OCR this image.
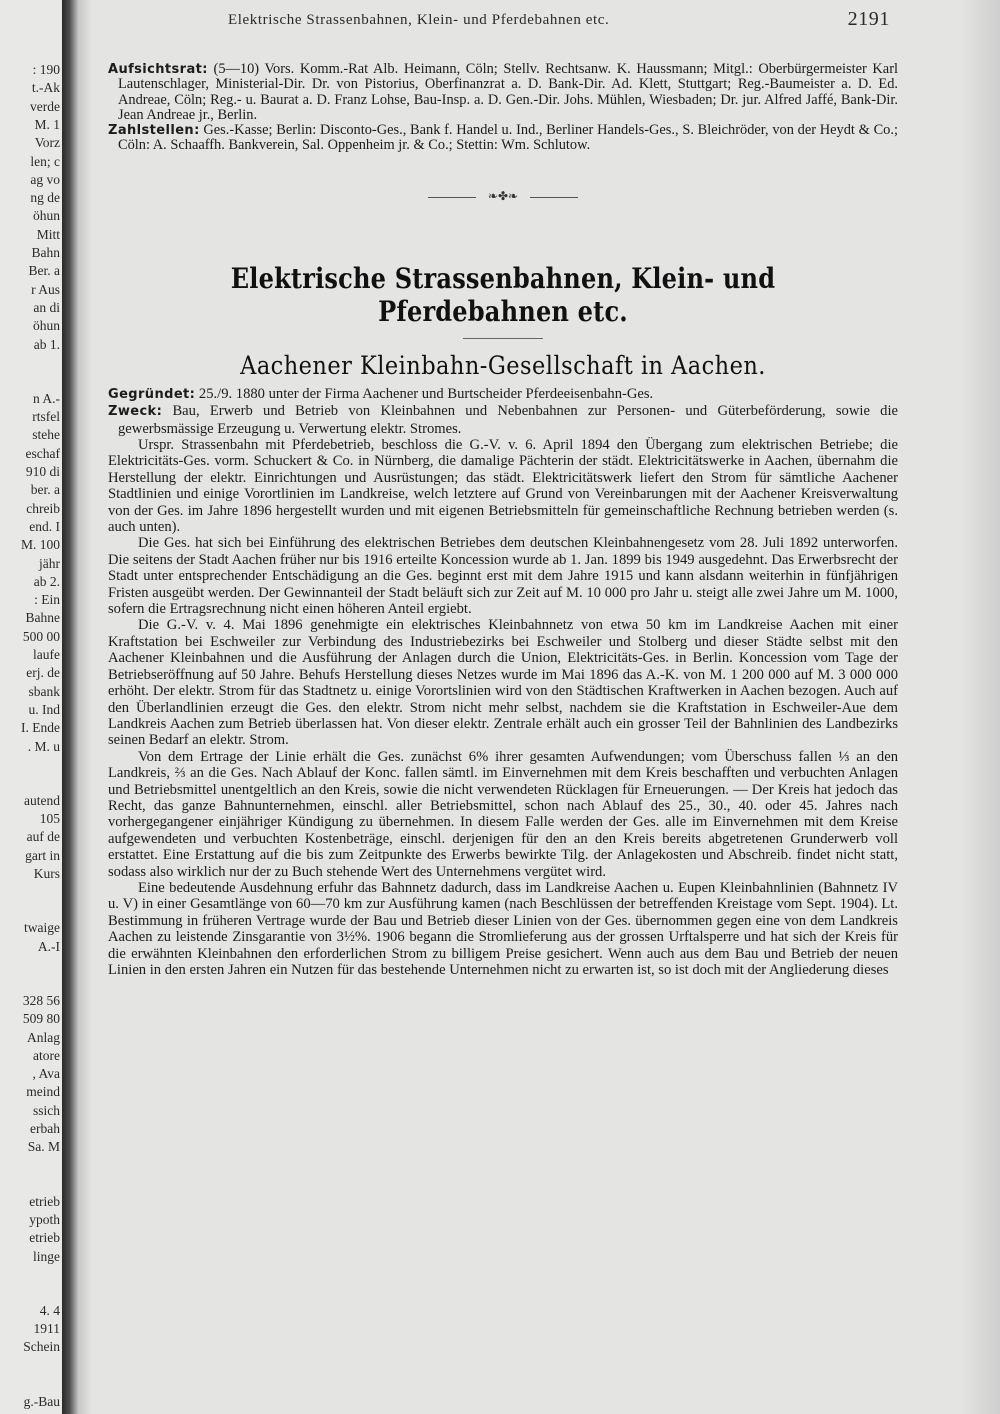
: 190
t.-Ak
verde
M. 1
Vorz
len; c
ag vo
ng de
öhun
Mitt
Bahn
Ber. a
r Aus
an di
öhun
ab 1.
n A.-
rtsfel
stehe
eschaf
910 di
ber. a
chreib
end. I
M. 100
jähr
ab 2.
: Ein
Bahne
500 00
laufe
erj. de
sbank
u. Ind
I. Ende
. M. u
autend
105
auf de
gart in
Kurs
twaige
A.-I
328 56
509 80
Anlag
atore
, Ava
meind
ssich
erbah
Sa. M
etrieb
ypoth
etrieb
linge
4. 4
1911
Schein
g.-Bau
Elektrische Strassenbahnen, Klein- und Pferdebahnen etc.	2191

Aufsichtsrat: (5—10) Vors. Komm.-Rat Alb. Heimann, Cöln; Stellv. Rechtsanw. K. Haussmann; Mitgl.: Oberbürgermeister Karl Lautenschlager, Ministerial-Dir. Dr. von Pistorius, Oberfinanzrat a. D. Bank-Dir. Ad. Klett, Stuttgart; Reg.-Baumeister a. D. Ed. Andreae, Cöln; Reg.- u. Baurat a. D. Franz Lohse, Bau-Insp. a. D. Gen.-Dir. Johs. Mühlen, Wiesbaden; Dr. jur. Alfred Jaffé, Bank-Dir. Jean Andreae jr., Berlin.

Zahlstellen: Ges.-Kasse; Berlin: Disconto-Ges., Bank f. Handel u. Ind., Berliner Handels-Ges., S. Bleichröder, von der Heydt & Co.; Cöln: A. Schaaffh. Bankverein, Sal. Oppenheim jr. & Co.; Stettin: Wm. Schlutow.

❧✤❧
Elektrische Strassenbahnen, Klein- und Pferdebahnen etc.
Aachener Kleinbahn-Gesellschaft in Aachen.

Gegründet: 25./9. 1880 unter der Firma Aachener und Burtscheider Pferdeeisenbahn-Ges.

Zweck: Bau, Erwerb und Betrieb von Kleinbahnen und Nebenbahnen zur Personen- und Güterbeförderung, sowie die gewerbsmässige Erzeugung u. Verwertung elektr. Stromes.

Urspr. Strassenbahn mit Pferdebetrieb, beschloss die G.-V. v. 6. April 1894 den Übergang zum elektrischen Betriebe; die Elektricitäts-Ges. vorm. Schuckert & Co. in Nürnberg, die damalige Pächterin der städt. Elektricitätswerke in Aachen, übernahm die Herstellung der elektr. Einrichtungen und Ausrüstungen; das städt. Elektricitätswerk liefert den Strom für sämtliche Aachener Stadtlinien und einige Vorortlinien im Landkreise, welch letztere auf Grund von Vereinbarungen mit der Aachener Kreisverwaltung von der Ges. im Jahre 1896 hergestellt wurden und mit eigenen Betriebsmitteln für gemeinschaftliche Rechnung betrieben werden (s. auch unten).

Die Ges. hat sich bei Einführung des elektrischen Betriebes dem deutschen Kleinbahnengesetz vom 28. Juli 1892 unterworfen. Die seitens der Stadt Aachen früher nur bis 1916 erteilte Koncession wurde ab 1. Jan. 1899 bis 1949 ausgedehnt. Das Erwerbsrecht der Stadt unter entsprechender Entschädigung an die Ges. beginnt erst mit dem Jahre 1915 und kann alsdann weiterhin in fünfjährigen Fristen ausgeübt werden. Der Gewinnanteil der Stadt beläuft sich zur Zeit auf M. 10 000 pro Jahr u. steigt alle zwei Jahre um M. 1000, sofern die Ertragsrechnung nicht einen höheren Anteil ergiebt.

Die G.-V. v. 4. Mai 1896 genehmigte ein elektrisches Kleinbahnnetz von etwa 50 km im Landkreise Aachen mit einer Kraftstation bei Eschweiler zur Verbindung des Industriebezirks bei Eschweiler und Stolberg und dieser Städte selbst mit den Aachener Kleinbahnen und die Ausführung der Anlagen durch die Union, Elektricitäts-Ges. in Berlin. Koncession vom Tage der Betriebseröffnung auf 50 Jahre. Behufs Herstellung dieses Netzes wurde im Mai 1896 das A.-K. von M. 1 200 000 auf M. 3 000 000 erhöht. Der elektr. Strom für das Stadtnetz u. einige Vorortslinien wird von den Städtischen Kraftwerken in Aachen bezogen. Auch auf den Überlandlinien erzeugt die Ges. den elektr. Strom nicht mehr selbst, nachdem sie die Kraftstation in Eschweiler-Aue dem Landkreis Aachen zum Betrieb überlassen hat. Von dieser elektr. Zentrale erhält auch ein grosser Teil der Bahnlinien des Landbezirks seinen Bedarf an elektr. Strom.

Von dem Ertrage der Linie erhält die Ges. zunächst 6% ihrer gesamten Aufwendungen; vom Überschuss fallen ⅓ an den Landkreis, ⅔ an die Ges. Nach Ablauf der Konc. fallen sämtl. im Einvernehmen mit dem Kreis beschafften und verbuchten Anlagen und Betriebsmittel unentgeltlich an den Kreis, sowie die nicht verwendeten Rücklagen für Erneuerungen. — Der Kreis hat jedoch das Recht, das ganze Bahnunternehmen, einschl. aller Betriebsmittel, schon nach Ablauf des 25., 30., 40. oder 45. Jahres nach vorhergegangener einjähriger Kündigung zu übernehmen. In diesem Falle werden der Ges. alle im Einvernehmen mit dem Kreise aufgewendeten und verbuchten Kostenbeträge, einschl. derjenigen für den an den Kreis bereits abgetretenen Grunderwerb voll erstattet. Eine Erstattung auf die bis zum Zeitpunkte des Erwerbs bewirkte Tilg. der Anlagekosten und Abschreib. findet nicht statt, sodass also wirklich nur der zu Buch stehende Wert des Unternehmens vergütet wird.

Eine bedeutende Ausdehnung erfuhr das Bahnnetz dadurch, dass im Landkreise Aachen u. Eupen Kleinbahnlinien (Bahnnetz IV u. V) in einer Gesamtlänge von 60—70 km zur Ausführung kamen (nach Beschlüssen der betreffenden Kreistage vom Sept. 1904). Lt. Bestimmung in früheren Vertrage wurde der Bau und Betrieb dieser Linien von der Ges. übernommen gegen eine von dem Landkreis Aachen zu leistende Zinsgarantie von 3½%. 1906 begann die Stromlieferung aus der grossen Urftalsperre und hat sich der Kreis für die erwähnten Kleinbahnen den erforderlichen Strom zu billigem Preise gesichert. Wenn auch aus dem Bau und Betrieb der neuen Linien in den ersten Jahren ein Nutzen für das bestehende Unternehmen nicht zu erwarten ist, so ist doch mit der Angliederung dieses
